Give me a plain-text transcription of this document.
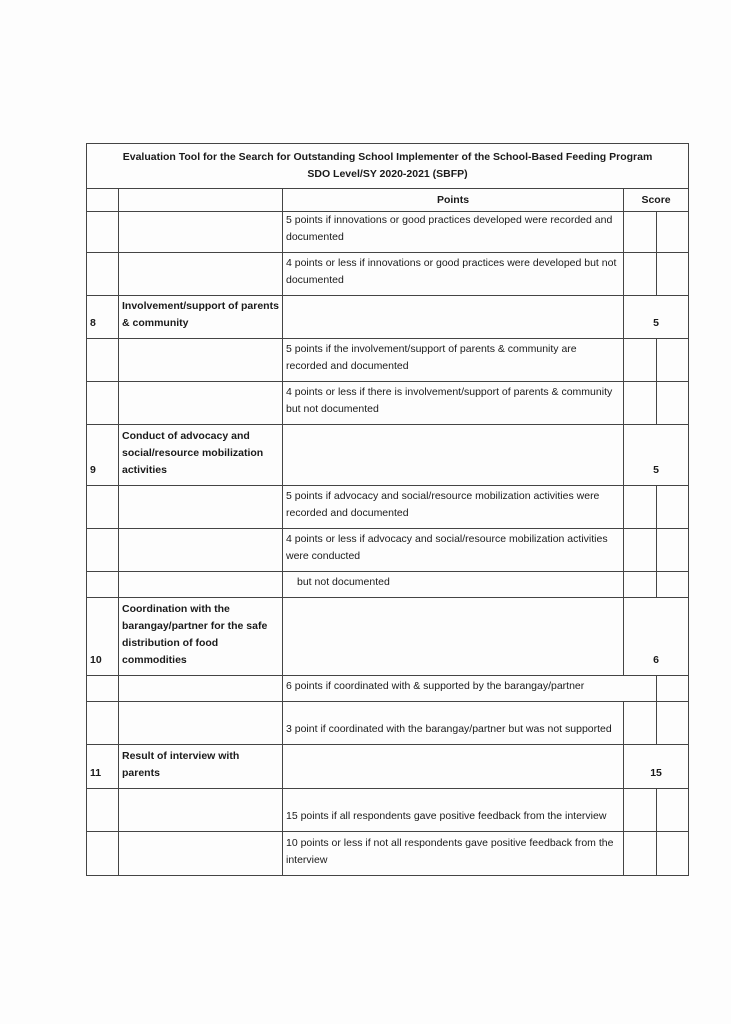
Evaluation Tool for the Search for Outstanding School Implementer of the School-Based Feeding Program
SDO Level/SY 2020-2021 (SBFP)				

		Points	Score	
		5 points if innovations or good practices developed were recorded and documented		
		4 points or less if innovations or good practices were developed but not documented		
8	Involvement/support of parents & community		5	
		5 points if the involvement/support of parents & community are recorded and documented		
		4 points or less if there is involvement/support of parents & community but not documented		
9	Conduct of advocacy and social/resource mobilization activities		5	
		5 points if advocacy and social/resource mobilization activities were recorded and documented		
		4 points or less if advocacy and social/resource mobilization activities were conducted		
		but not documented		
10	Coordination with the barangay/partner for the safe distribution of food commodities		6	
		6 points if coordinated with & supported by the barangay/partner		
		3 point if coordinated with the barangay/partner but was not supported		
11	Result of interview with parents		15	
		15 points if all respondents gave positive feedback from the interview		
		10 points or less if not all respondents gave positive feedback from the interview		
